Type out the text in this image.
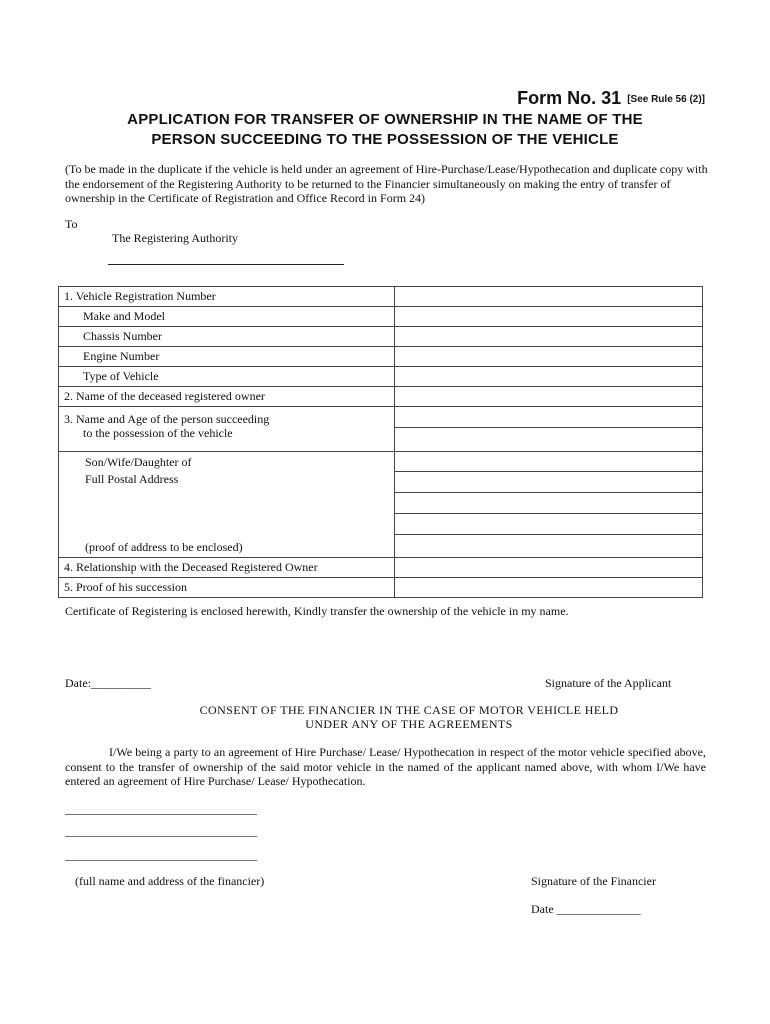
Form No. 31 [See Rule 56 (2)]
APPLICATION FOR TRANSFER OF OWNERSHIP IN THE NAME OF THE
PERSON SUCCEEDING TO THE POSSESSION OF THE VEHICLE
(To be made in the duplicate if the vehicle is held under an agreement of Hire-Purchase/Lease/Hypothecation and duplicate copy with the endorsement of the Registering Authority to be returned to the Financier simultaneously on making the entry of transfer of ownership in the Certificate of Registration and Office Record in Form 24)
To
The Registering Authority
1. Vehicle Registration Number	
Make and Model	
Chassis Number	
Engine Number	
Type of Vehicle	
2. Name of the deceased registered owner	

3. Name and Age of the person succeeding
to the possession of the vehicle	

Son/Wife/Daughter of
Full Postal Address
(proof of address to be enclosed)	

4. Relationship with the Deceased Registered Owner	
5. Proof of his succession	
Certificate of Registering is enclosed herewith, Kindly transfer the ownership of the vehicle in my name.
Date:__________	Signature of the Applicant
CONSENT OF THE FINANCIER IN THE CASE OF MOTOR VEHICLE HELD
UNDER ANY OF THE AGREEMENTS
I/We being a party to an agreement of Hire Purchase/ Lease/ Hypothecation in respect of the motor vehicle specified above, consent to the transfer of ownership of the said motor vehicle in the named of the applicant named above, with whom I/We have entered an agreement of Hire Purchase/ Lease/ Hypothecation.
________________________________
________________________________
________________________________
(full name and address of the financier)	Signature of the Financier
Date ______________
